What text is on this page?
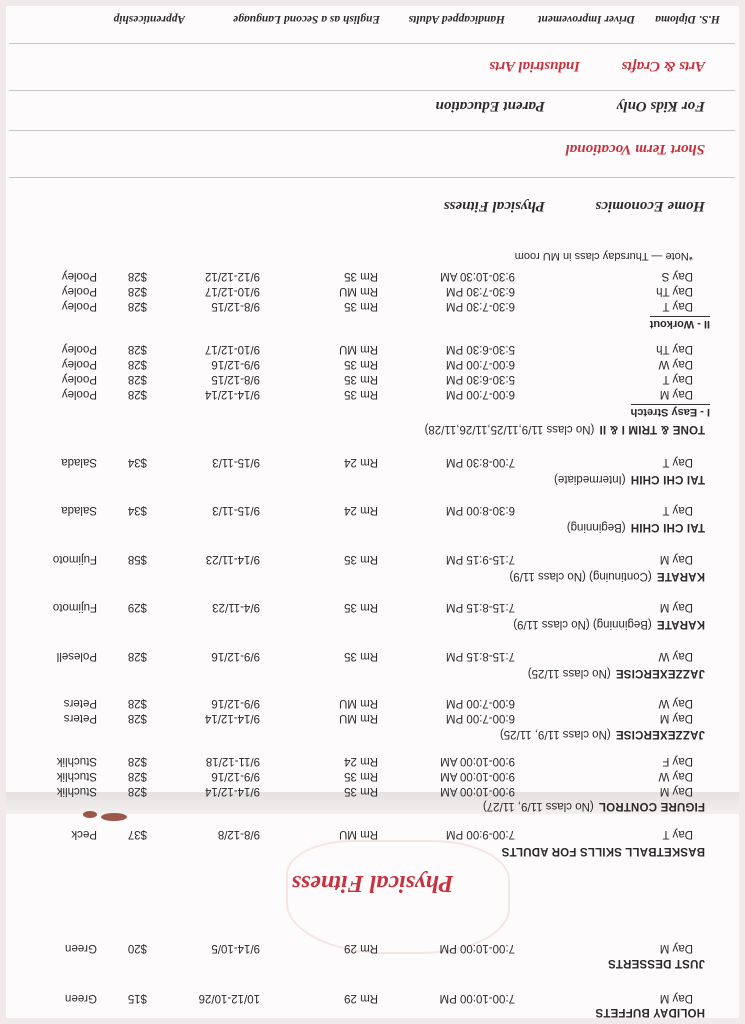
HOLIDAY BUFFETS
Day M
7:00-10:00 PM
Rm 29
10/12-10/26
$15
Green
JUST DESSERTS
Day M
7:00-10:00 PM
Rm 29
9/14-10/5
$20
Green
Physical Fitness
BASKETBALL SKILLS FOR ADULTS
Day T
7:00-9:00 PM
Rm MU
9/8-12/8
$37
Peck
FIGURE CONTROL(No class 11/9, 11/27)
Day M
9:00-10:00 AM
Rm 35
9/14-12/14
$28
Stuchlik
Day W
9:00-10:00 AM
Rm 35
9/9-12/16
$28
Stuchlik
Day F
9:00-10:00 AM
Rm 24
9/11-12/18
$28
Stuchlik
JAZZEXERCISE(No class 11/9, 11/25)
Day M
6:00-7:00 PM
Rm MU
9/14-12/14
$28
Peters
Day W
6:00-7:00 PM
Rm MU
9/9-12/16
$28
Peters
JAZZEXERCISE(No class 11/25)
Day W
7:15-8:15 PM
Rm 35
9/9-12/16
$28
Polesell
KARATE(Beginning) (No class 11/9)
Day M
7:15-8:15 PM
Rm 35
9/4-11/23
$29
Fujimoto
KARATE(Continuing) (No class 11/9)
Day M
7:15-9:15 PM
Rm 35
9/14-11/23
$58
Fujimoto
TAI CHI CHIH(Beginning)
Day T
6:30-8:00 PM
Rm 24
9/15-11/3
$34
Salada
TAI CHI CHIH(Intermediate)
Day T
7:00-8:30 PM
Rm 24
9/15-11/3
$34
Salada
TONE & TRIM I & II(No class 11/9,11/25,11/26,11/28)
I - Easy Stretch
Day M
6:00-7:00 PM
Rm 35
9/14-12/14
$28
Pooley
Day T
5:30-6:30 PM
Rm 35
9/8-12/15
$28
Pooley
Day W
6:00-7:00 PM
Rm 35
9/9-12/16
$28
Pooley
Day Th
5:30-6:30 PM
Rm MU
9/10-12/17
$28
Pooley
II - Workout
Day T
6:30-7:30 PM
Rm 35
9/8-12/15
$28
Pooley
Day Th
6:30-7:30 PM
Rm MU
9/10-12/17
$28
Pooley
Day S
9:30-10:30 AM
Rm 35
9/12-12/12
$28
Pooley
*Note — Thursday class in MU room
Physical Fitness	Home Economics
Short Term Vocational
For Kids Only
Parent Education
Arts & Crafts
Industrial Arts
H.S. Diploma
Driver Improvement
Handicapped Adults
English as a Second Language
Apprenticeship
